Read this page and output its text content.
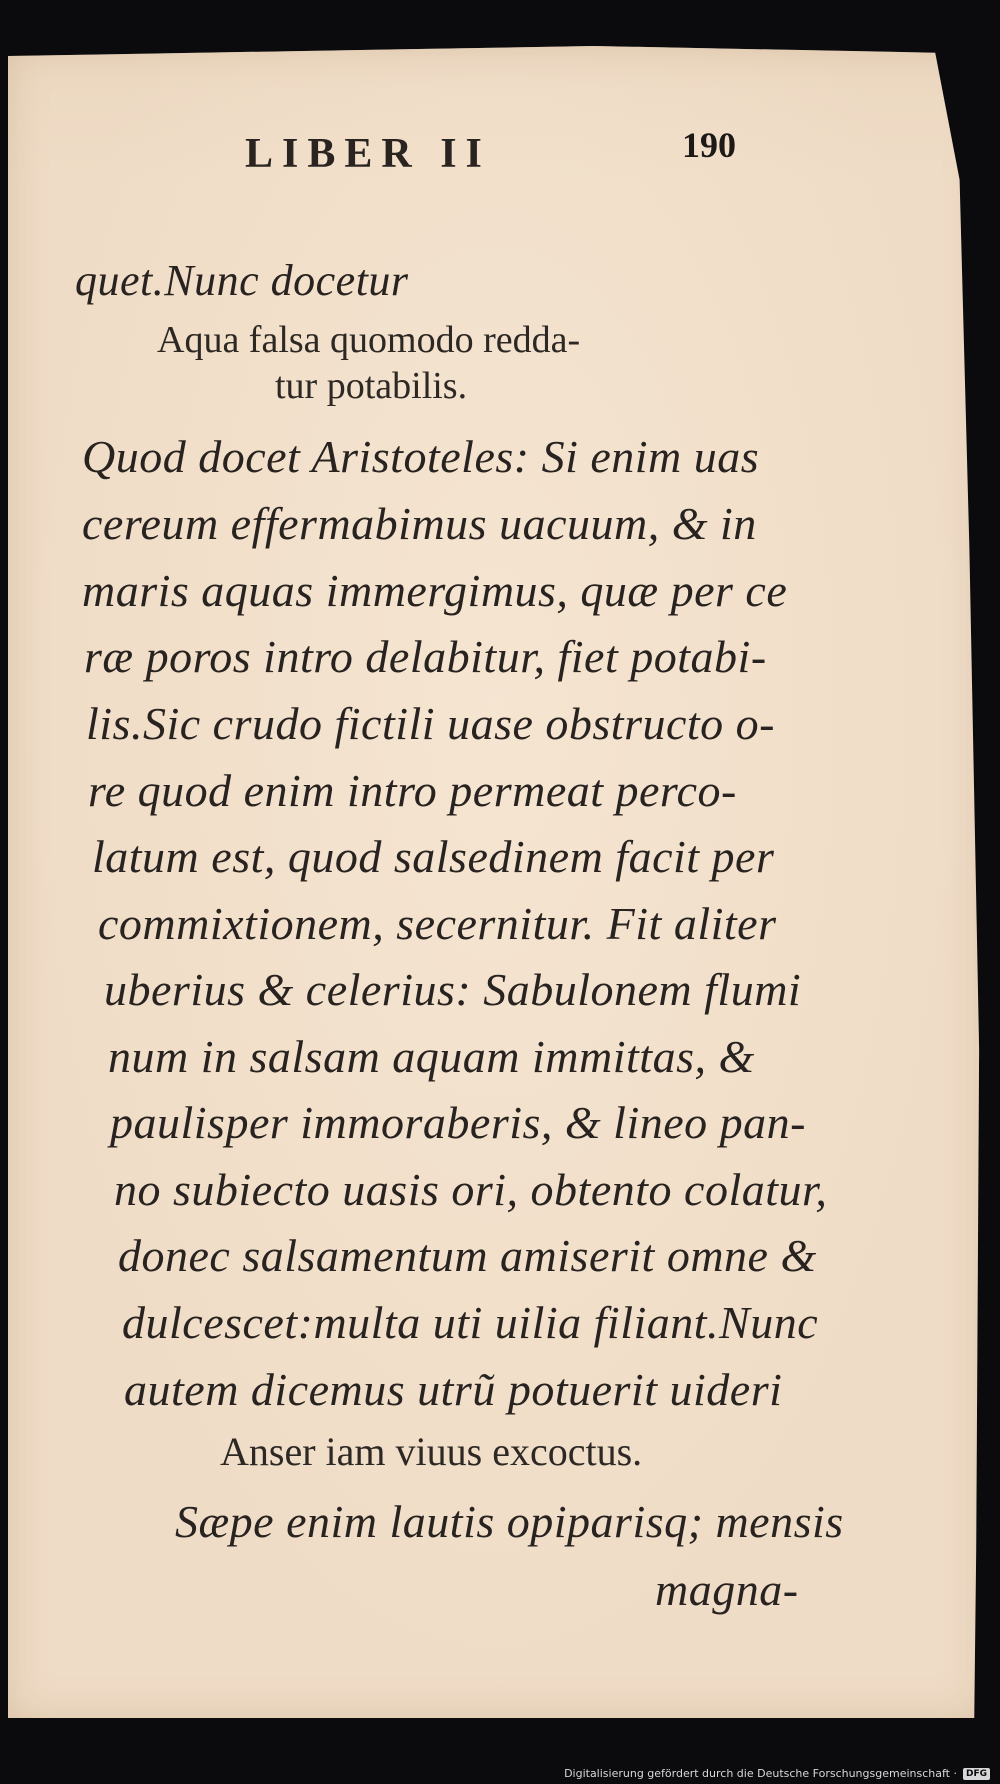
LIBER II	190
quet.Nunc docetur
Aqua falsa quomodo redda-
tur potabilis.
Quod docet Aristoteles: Si enim uas
cereum effermabimus uacuum, & in
maris aquas immergimus, quæ per ce
ræ poros intro delabitur, fiet potabi-
lis.Sic crudo fictili uase obstructo o-
re quod enim intro permeat perco-
latum est, quod salsedinem facit per
commixtionem, secernitur. Fit aliter
uberius & celerius: Sabulonem flumi
num in salsam aquam immittas, &
paulisper immoraberis, & lineo pan-
no subiecto uasis ori, obtento colatur,
donec salsamentum amiserit omne &
dulcescet:multa uti uilia filiant.Nunc
autem dicemus utrũ potuerit uideri
Anser iam viuus excoctus.
Sæpe enim lautis opiparisq; mensis
magna-
Digitalisierung gefördert durch die Deutsche Forschungsgemeinschaft ·	DFG
